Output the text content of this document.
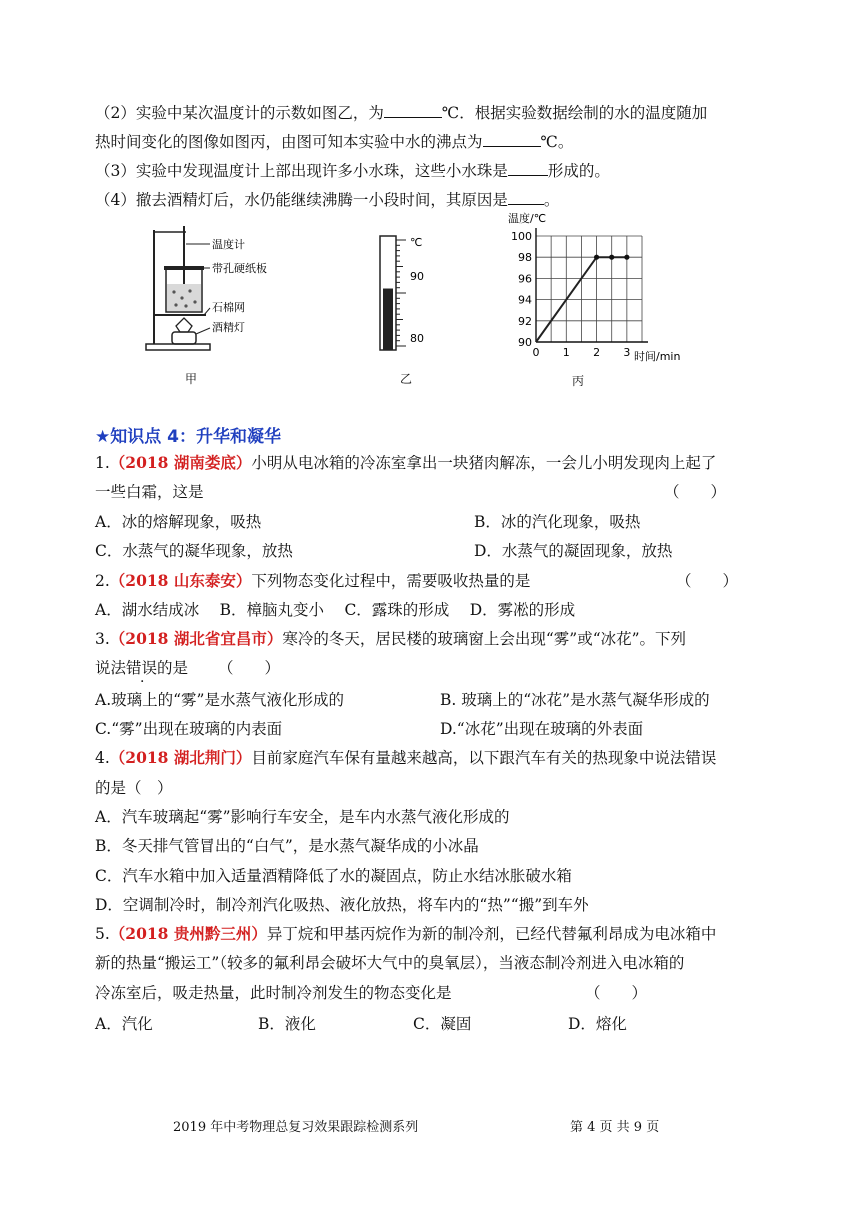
（2）实验中某次温度计的示数如图乙，为	℃．根据实验数据绘制的水的温度随加
热时间变化的图像如图丙，由图可知本实验中水的沸点为	℃。
（3）实验中发现温度计上部出现许多小水珠，这些小水珠是	形成的。
（4）撤去酒精灯后，水仍能继续沸腾一小段时间，其原因是 。
温度计
带孔硬纸板
石棉网
酒精灯
甲
℃
90
80
乙
温度/℃
100
98
96
94
92
90
0 1 2 3 时间/min
丙
★知识点 4：升华和凝华
1.（2018 湖南娄底）小明从电冰箱的冷冻室拿出一块猪肉解冻，一会儿小明发现肉上起了
一些白霜，这是	（　　）
A．冰的熔解现象，吸热	B．冰的汽化现象，吸热
C．水蒸气的凝华现象，放热	D．水蒸气的凝固现象，放热
2.（2018 山东泰安）下列物态变化过程中，需要吸收热量的是	（　　）
A．湖水结成冰　 B．樟脑丸变小　 C．露珠的形成　 D．雾凇的形成
3.（2018 湖北省宜昌市）寒冷的冬天，居民楼的玻璃窗上会出现“雾”或“冰花”。下列
说法错误的是 （　　）
A.玻璃上的“雾”是水蒸气液化形成的	B. 玻璃上的“冰花”是水蒸气凝华形成的
C.“雾”出现在玻璃的内表面	D.“冰花”出现在玻璃的外表面
4.（2018 湖北荆门）目前家庭汽车保有量越来越高，以下跟汽车有关的热现象中说法错误
的是（　）
A．汽车玻璃起“雾”影响行车安全，是车内水蒸气液化形成的
B．冬天排气管冒出的“白气”，是水蒸气凝华成的小冰晶
C．汽车水箱中加入适量酒精降低了水的凝固点，防止水结冰胀破水箱
D．空调制冷时，制冷剂汽化吸热、液化放热，将车内的“热”“搬”到车外
5.（2018 贵州黔三州）异丁烷和甲基丙烷作为新的制冷剂，已经代替氟利昂成为电冰箱中
新的热量“搬运工”（较多的氟利昂会破坏大气中的臭氧层），当液态制冷剂进入电冰箱的
冷冻室后，吸走热量，此时制冷剂发生的物态变化是	（　　）
A．汽化	B．液化	C．凝固	D．熔化
2019 年中考物理总复习效果跟踪检测系列	第 4 页 共 9 页
